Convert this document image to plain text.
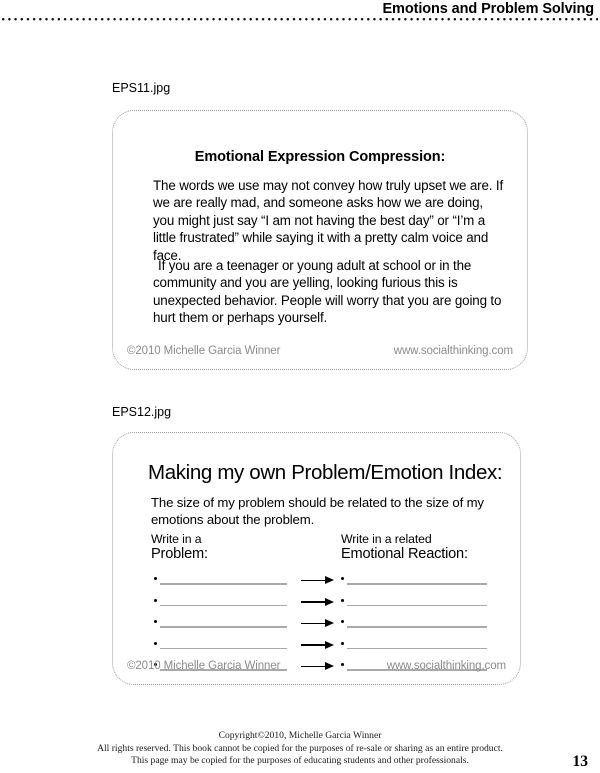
Emotions and Problem Solving
EPS11.jpg
Emotional Expression Compression:
The words we use may not convey how truly upset we are. If we are really mad, and someone asks how we are doing, you might just say “I am not having the best day” or “I’m a little frustrated” while saying it with a pretty calm voice and face.
If you are a teenager or young adult at school or in the community and you are yelling, looking furious this is unexpected behavior. People will worry that you are going to hurt them or perhaps yourself.
©2010 Michelle Garcia Winner	www.socialthinking.com
EPS12.jpg
Making my own Problem/Emotion Index:
The size of my problem should be related to the size of my emotions about the problem.
Write in a
Problem:
Write in a related
Emotional Reaction:
©2010 Michelle Garcia Winner	www.socialthinking.com
Copyright©2010, Michelle Garcia Winner
All rights reserved. This book cannot be copied for the purposes of re-sale or sharing as an entire product.
This page may be copied for the purposes of educating students and other professionals.	13
